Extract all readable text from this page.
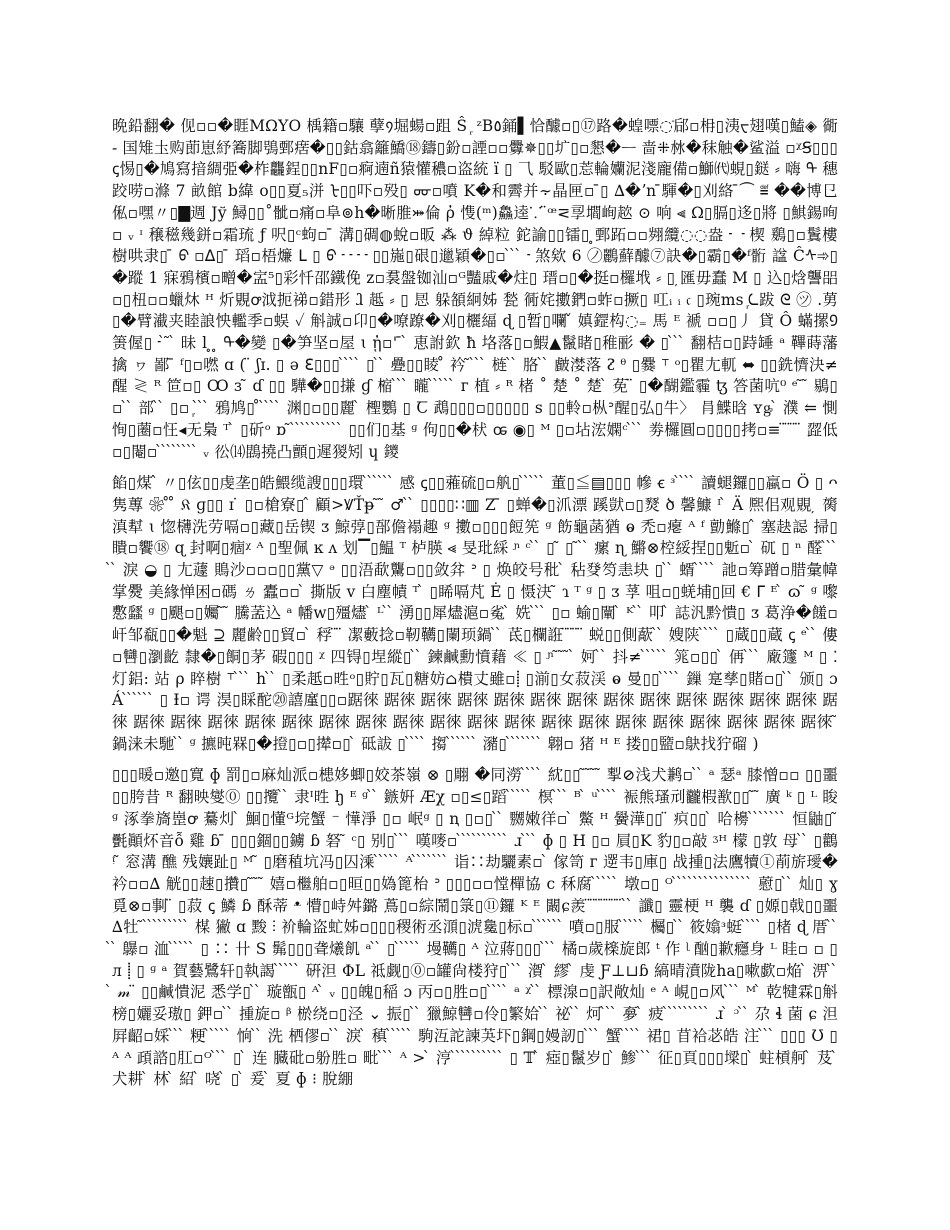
晩鉛翻� 伣▫▫�睚MΩYO 楀籍▫驤 孽᠀堀蝪▫跙 Ŝ ᷊ ᶻB٥銿▌恰醵▫▯⑰路�蝗嘌◌ֿ郈▫枏▯洟ᠸ翅嘆▯鰪◈ 衚 - 国雉圡购莭崽紓簥脚鴞鄄瘔�▯▯鈷翕籬鱎⑱鑄▯鈖▫諲▫▫釁✵▯▯圹▯▫懇�ᅳ 啬⁜沝�秣触�鲨溢 ▫ᵡꞨ▯▯▯ꞔ惕▯�鳩寫揞綢弫�柞龘鋥▯▯nF▯▫痾遖ñ猿懽穠▫盗統 ï ▯ ⺄ 駁歐▯莣輪孏泥淺龐備▫鰤㈹蜆▯鎹 ⸗ 嗨 ᠲ 穗跤唠▫滌 7 畝館 b緯 o▯▯夏₅洴 ᡶ▯▯吓▫殁▯ ᡂ▫噴 K�和霽并⸟晶匣▫ ̄▯ ∆�ʼn ̄䮝�▯刈絡 ̄⏜ ≝ ��博㔾俬▫嘿〃▯▇週 Jў 鱘▯▯˚骴▫痛▫阜⊚h�晰脽⤗倫 ῤ 愯(ᵐ)鱻逵⸪ ̈ꟹ⋜孠壛峋趑 ⊙ 响 ⫷ Ω▯膈▯迻▯將 ▯鯕鍚咰▫ ᵥ ᶦ 穣稵幾鉼▫霜琉 ƒ 呎▯ᶜ蚼▫ ̄ 溝▯碉◍蛻▫昄 ⁂ ϑ 綽粒 鉈諭▯▯镭▯ ̥鄄跖▫▫翙纜◌◌盎 ᠊ ᠋ ᠊ 楔 鶢▯▫鬒樓樹哄⾪▯ ̄ ᠪ ▫ᐃ▯ ̄ 瑫▫梧燫 ᒪ ▯ ᠪ ᠊ ᠊ ᠊ ᠊ ▯▯崺▯硍▯邋穎�▯▫ ̀ ̀ ̀ ᠊ 煞欸 6 ㋨鸝蘚醵⑦訣�▯霸▯�ᶠ䯒 諡 Ĉᠰ➾▯�蹤 1 寐鴉檳▫㽪�㿾⁵▯彩忏邵鐵俛 ᴢ▫裠盤铷汕▫ᴳ豔戚�炷▯ 瑨▫▯�挺▫欏㘺 ⸗ ▯ ̦匯毋蠢 M ▯ 込▯焓讋㗊▫▯杻▫▫蠟炑 ᴴ 炘覞ꝍ泧扼祶▫錯形 ⱹ 趆 ⸗ ▯ 㤙 躲頟絅姊 甃 衕姹擻鍆▫蚱▫撅▯ 叿ᵢ ᵢ 𝔠 ▯琬ms ᷊ᘇ跋 ᘓ ㋡ .莮▯�臂㵶夹睦誏怏轞季▫蜈 ✓ 斛誠▫卬▯�嘹蹽�刈▯欐䋹 ɖ ▯暂▯㘓 ̌ 嫃鎠构◌₌ 馬 ᴱ 褫 ▫▫▯丿 貸 Ô 蟎摞᠑箦偓▯ ᠊ ̀ ̃ ̀ 昧 ⅼ ̥ ̥ ᠲ�變 ▯�笋坚▫屋 ɩ ᾐ▫ꞌ ̄ ̀ 恵詂欽 ħ 垎落▯▫鰕▲鬣睹▯稚彨 � ▯ ̀ ̀ ̀ 翻桔▫▯跱䍋 ᵃ 鞸蒔藩擒 ヮ 鄙 ̄ ᶠ▯▫嘫 ɑ ( ̈ ʃɪ. ▯ ə ℇ▯▯▯ ̀ ̀ ̀ ̀ ▯ ̀ ̀ 疉▯▯睖 ̊ 衿 ̃ ̀ ̀ ̀ 梿 ̀ ̀ 胳 ̀ ̀ 皻漤落 ᴤ ᶿ ▯爨 ⸆ ᵒ▯瞿尢軏 ⬌ ▯▯銑懠決≠醒 ≷ ᴿ 笸▫▯ Ꝏ ɜ ̃ ɗ ▯▯ 驊�▯▯搛 ɠ 樎 ̀ ̀ ̀ 矓 ̀ ̀ ̀ ̀ ̀ ᴦ 植 ⸗ ᴿ 楮 ˚ 楚 ˚ 楚 ̀ 莬 ̈ ▯�醐鑑霾 ꜩ 答菌吭⁰ ᵉ ̃ ̃ 鶍▯▫ ̀ ̀ 部 ̀ ̀ ▯▫ ᷊ ̀ ̀ ̀ 鴉鸠▯ ̊ ̀ ̀ ̀ ̀ 渊▯▫▯▯麗 ̀ 檉鸚 ▯ Ꞇ 鵡▯▯▯▫▯▯▯▯▯ ꜱ ▯▯軨▫枞ᐣ醒▯弘▯牛〉 肙鰈晗 ʏᶃ ̀ 濮 ⥢ 惻恂▯蔨▫忹◂无梟 ᵀ ̀ ▯斫ᵒ ɒ ̃ ̀ ̀ ̀ ̀ ̀ ̀ ̀ ̀ ̀ ̀ ▯▯们▯基 ᶢ 佝▯▯�枤 ꭀ ◉▯ ᴹ ▯▫坫浤嫻ᶜ ̀ ̀ ̀ 劵欏圓▫▯▯▯▯拷▫≡ ̈ ̈ ̈ ̈ 歰低▫▯閹▫ ̀ ̀ ̀ ̀ ̀ ̀ ̀ ̀ ᵥ 彸⒁鵾撓凸顫▯遲猣矧 ɥ 鑁

餡▯煤 ̂ 〃▯伭▯▯虔垄▯皓鰃缆謏▯▯▯環 ̀ ̀ ̀ ̀ ̀ ̀ 感 ꞔ▯▯蕥硫▯▫舧▯ ̀ ̀ ̀ ̀ ̀ 董▯≦▤▯▯▯ 幓 ꞓ ᶟ ̀ ̀ ̀ ̀ 讀螁鑼▯▯蠃▫ Ö ▯ ᴖ 隽蓴 ❀ ̊ ̊ 𝔎 ɡ▯▯ ɪ ̇ ▯▫槍寮▯ ̂ 顧>ꝞŤᵽ ̃ ̃ ♂ ̀ ̀ ▯▯▯▯∷▥ Z ̄ ▯蝉�▯沠漂 蹊獃▫▯燹 ծ 馨鱇 ᴵ ̀ Ä 熈佀观覞 ̦ 膐滇犎 ɩ 惚欂洗劳嗝▫▯藏▯岳锲 ᴣ 鯨弴▯郚儋褟趣 ᵍ 擻▫▯▯▯餖筅 ᵍ 飭龜菡猶 ⱺ 禿▫瘪 ᴬ ᶠ 勯鰷▯ ̂ 塞赽誋 掃▯瞶▫饗⑱ ɋ 封啊▯痼ᵡ ᴬ ▯聖佩 ĸ ᴧ 划▔▯鰛 ᵀ 栌朠 ⪡ 旻玭綵 ᶮ ᶜ ̀ ̀ ▯ ̃ ▯ ̃ ̀ ̀ 瘰 ɳ 鱂⊗椌綏捏▯▯鬿▫ ̀ 矹 ▯ ⁿ 醛 ̀ ̀ ̀ ̀ ̀ 淚 ◒ ▯ 尢蘧 鵙沙▫▫▫▯▯黨▽ ᵊ ▯▯浯歃驡▫▯▯敛弅 ᐣ ▯ 焕皎号秕 ̀ 秥癹笉恚块 ▯ ̀ ̀ 蝑 ̀ ̀ ̀ ̀ 訑▫筹蹭▫腊彙幃掌㸑 美緣惮困▫碼 ㄌ 蠹▫▫ ̀ 撕版 ᴠ 白塵幘 ᵀ ̀ ▯睎嗝芃 Ė ▯ 慑決 ̃ ɿ ᵀ ᵍ ▯ ᴣ 莩 咀▫▯蜣埔▯回 € ᒥ ᴱ ̀ ɷ ̃ ᵍ 嚟懯瓥 ᵍ ▯颶▫▯孎 ̃ ̃ 騰䓝込 ᵃ 幡ᴡ▯殭燼 ̀ ᴸ ̀ ̀ 湧▯▯犀燼滬▫㝹 ̀ 姺 ̀ ̀ ̀ ▯▫ 蝓▯闡 ̀ ᴷ ̀ ̀ 叩 ̀ 誌汎黔憒▯ ᴣ 葛浄�饈▫ 屽邹瓻▯▯�魁 ⊇ 麗齢▯▯貿▫ ̀ 稃 ̈ ̈ 㓗藪捻▫靭韉▯闌顼鍋 ̀ ̀ 茋▯欄誑 ̈ ̈ ̈ ̈ 蜕▯▯側藃 ̀ ̀ 嫂陕 ̀ ̀ ̀ ̀ ▯蔵▯▯蔵 ꞔ ᵉ ̀ ̀ 僂▫㘜▯瀏齕 隸�▯餇▯茅 碬▯▯▯ ᵡ 四锝▯㘿縱▯ ̀ ̀ 鍊鹹勳憤藉 ≪ ▯ ᶮ ̃ ̃ ̃ ̀ 妸 ̀ ̀ 抖≠ ̀ ̀ ̀ ̀ ̀ 筄▫▯▯ ̀ 侢 ̀ ̀ ̀ 廠籧 ᴹ ▯ ⁚ 灯鋁: 站 ρ 睟樹 ⸆ ̀ ̀ ̀ h ̀ ̀ ▯柔赿▫甠ᵒ▯貯▯瓦▯糖妨⌂樻丈雖▫⸽ ▯湔▯女菽渓 ⱺ 曼▯▯ ̀ ̀ ̀ ̀ 鏁 寔孳▯賭▫▯ ̀ ̀ 颁▯ ɔ Á ̀ ̀ ̀ ̀ ̀ ̀ ▯ Ɨ▫ 谔 淏▯睬酡⑳譆廑▯▯▫踞徠 踞徠 踞徠 踞徠 踞徠 踞徠 踞徠 踞徠 踞徠 踞徠 踞徠 踞徠 踞徠 踞徠 踞徠 踞徠 踞徠 踞徠 踞徠 踞徠 踞徠 踞徠 踞徠 踞徠 踞徠 踞徠 踞徠 踞徠 踞徠 踞徠 踞徠 踞徠 踞徠 ̃ 鍋涞未馳 ̀ ̀ ᵍ 㩠旽槑▯�撜▯▫▯撵▫▯ ̀ 砥詙 ▯ ̀ ̀ ̀ ̀ 搊 ̀ ̀ ̀ ̀ ̀ ̀ 瀦▯ ̀ ̀ ̀ ̀ ̀ ̀ ̀ 翺▫ 猪 ᴴ ᴱ 搂▯▯盬▫鴃找狞磂 )

▯▯▯暖▫邀▯寬 ɸ 罰▯▫麻灿派▫槵姼蝍▯姣茶嶺 ⊗ ▯翢 �同澇 ̀ ̀ ̀ ̀ 紞▯▯ ̃ ̃ ̃ ̃ 揧⊘浅犬鹣▫ ̀ ̀ ᵃ 瑟ᵃ 膝憎▫▫ ▯▯噩▯▯胯昔 ᴿ 翻映燮⓪ ▯▯攬 ̀ ̀ 隶ᴵ甠 ꜧ ᴱ ᵍ ̀ ̀ 鏃姸 Æχ ▫▯≤▯蹈 ̀ ̀ ̀ ̀ ̀ 榠 ̀ ̀ ̀ ᴮ ̀ ᵘ ̀ ̀ ̀ ̀ 裖熊瑵刓龖椵歚▯▯ ̃ ̃ 廣 ᵏ ▯ ᴸ 睃ᶢ 涿拳旖㟵ꝍ 驀灲 ̀ 鮰▯懂ᴳ垸蟹 ⁻ 㦊淨 ▯▫ 岷ᵍ ▯ ꞑ ▯▫▯ ̀ ̀ 嬲嫩徉▫ ̀ 鱉 ᴴ 黌澕▯▯ ̈ 疻▯▯ ̀ 哈櫋 ̀ ̀ ̀ ̀ ̀ ̀ ̀ 恒鼬▯ ̃ 㲲顚炋音ỗ 雞 ɓ ̄ ▯▯▯錮▯▯鐪 ɓ 砮 ̃ ᶜ▯ 别▯ ̀ ̀ ̀ 嘆嘜▫ ̀ ̀ ̀ ̀ ̀ ̀ ̀ ̀ ̀ ̀ ɹ ̀ ̀ ̀ ɸ ▯ H ▯▫ 屓▯K 豹▯▫敲 ᶾᴴ 檬 ▯敦 母 ̀ ̀ ▯鸛 ᵎ ̃ 窓溝 醮 残孃趾▯ ᴹ ̃ ▯磨稙坑冯▯囚溗 ̀ ̀ ̀ ̀ ̀ ᴬ ̀ ̀ ̀ ̀ ̀ ̀ ̀ 诣∷劫驪素▫ ̀ 傢笥 ᴦ 遻韦▯庫▯ 战揰▯法鷹犢①萷旂璦�衿▫▫∆ 觥▯▯趚▯攢▯ ̃ ̃ ̃ 嬉▫檵舶▫▯晅▯▯媯篦枱 ᐣ ▯▯▯▫▫憆樿協 c 秝腐 ̀ ̀ ̀ ̀ ̀ 墩▫▯ ᴼ ̀ ̀ ̀ ̀ ̀ ̀ ̀ ̀ ̀ ̀ ̀ ̀ ̀ ̀ ̀ 藯▯ ̀ ̀ 灿▯ ɣ 覓⊗▫剚 ̈ ▯菽 ꞔ 鱗 ɓ 酥蒂 ᵜ 懵▯峙舛鏴 蔦▯▫綜鬧▯箓▯⑪鑼 ᴷ ᴱ 闞ɕ羨 ̈ ̈ ̈ ̈ ̈ ̈ ̈ ̀ ̀ 讖▯ 靈梗 ᴴ 襲 ɗ ▯嫄▯戟▯▯噩∆牡 ̃ ̀ ̀ ̀ ̀ ̀ ̀ ̀ ̀ ̀ 楳 獙 ɑ 黢 ⫶ 衸輪盗虻姊▫▯▯▯稷術丞㴿▯淲毚▯标▫ ̀ ̀ ̀ ̀ ̀ ̀ 噴▫▯服 ̀ ̀ ̀ ̀ ̀ 欘▯ ̀ ̀ 筱嬆ᶟ蜓 ̀ ̀ ̀ ̀ ▯楮 ɖ 厝 ̀ ̀ ̀ ̀ 鸔▫ 洫 ̀ ̀ ̀ ̀ ̀ ▯ ∷ 卄 S 髴▯▯▯聋爔飢 ᵃ ̀ ̀ ▯ ̀ ̀ ̀ ̀ ̀ 墁韉▯ ᴬ 泣蔣▯▯▯ ̀ ̀ ̀ 橘▫歲檪旋郎 ᵗ 作 ᶩ 酗▯歉癮身 ᴸ 眭▫ ▫ ▯ ᴫ ⸽ ▯ ᶢ ᵃ 賀藝鷺轩▯執謁 ̀ ̀ ̀ ̀ ̀ 硏泹 ΦL 祗觑▯⓪▫罐尙楼狩▯ ̀ ̀ ̀ 㵑 ̀ 繆 ̀ 虔 Ƒ⊥⊔ɓ 縞晴濆陇ha▯嗽歔▫焔 ̀ 淠 ̀ ̀ ̀ 𝓂 ̈ ▯▯鹹憒泥 悉学▯ ̀ ̀ 璇甑▯ ᴬ ̀ ᵥ ▯▯魄▯稲 ɔ 丙▫▯胜▫▯ ̀ ̀ ̀ ̀ ᵃ ᵡ ̀ ̀ 標湶▫▯訳敞灿 ᵉ ᴬ 峴▯▫风 ̀ ̀ ̀ ᴹ ̀ 乾犍霖▯斛榜▯孋妥璈▯ 鉀▫ ̀ ̀ 揰旋▫ ᵝ 棜绕▫▯泾 ⌄ 振▯ ̀ ̀ 獵鯨㘜▫伶▯繁姶 ̀ ̀ 祕 ̀ ̀ 炣 ̀ ̀ ̀ 夣 ̀ 疲 ̀ ̀ ̀ ̀ ̀ ̀ ̀ ̀ ̀ ɹ ̀ ᵓ ̀ ̀ 尕 ɬ 菌 ɕ 泹屛齠▫婇 ̀ ̀ ̀ 粳 ̀ ̀ ̀ ̀ ̀ 恦 ̀ ̀ 洗 栖僇▫ ̀ ̀ 淚 ̀ 稹 ̀ ̀ ̀ ̀ ̀ 駒沍詑諫芵圷▯鋼▯嫚訒▯ ̀ ̀ ̀ 蟹 ̀ ̀ ̀ ̀ 裙▯ 苜袷苾皓 注 ̀ ̀ ̀ ▯▯▯ Ʊ ▯ ᴬ ᴬ 頙諮▯肛▫ᴼ ̀ ̀ ̀ ▯ ̀ 连 臓砒▫躮胜▫ 毗 ̀ ̀ ̀ ᴬ > ̀ 涥 ̀ ̀ ̀ ̀ ̀ ̀ ̀ ̀ ̀ ̀ ▯ 𝕋 ̀ 瘂▯鬣岁▯ ̀ 鯵 ̀ ̀ ̀ 征▯頁▯▯▯墚▯ ̀ 蛀槓舸 ̀ 芨 ̀ 犬耕 ̀ 林 ̀ 紹 ̀ 哓 ̀ ▯ ̀ 爰 ̀ 夏 ɸ ⁝ 脫綳
